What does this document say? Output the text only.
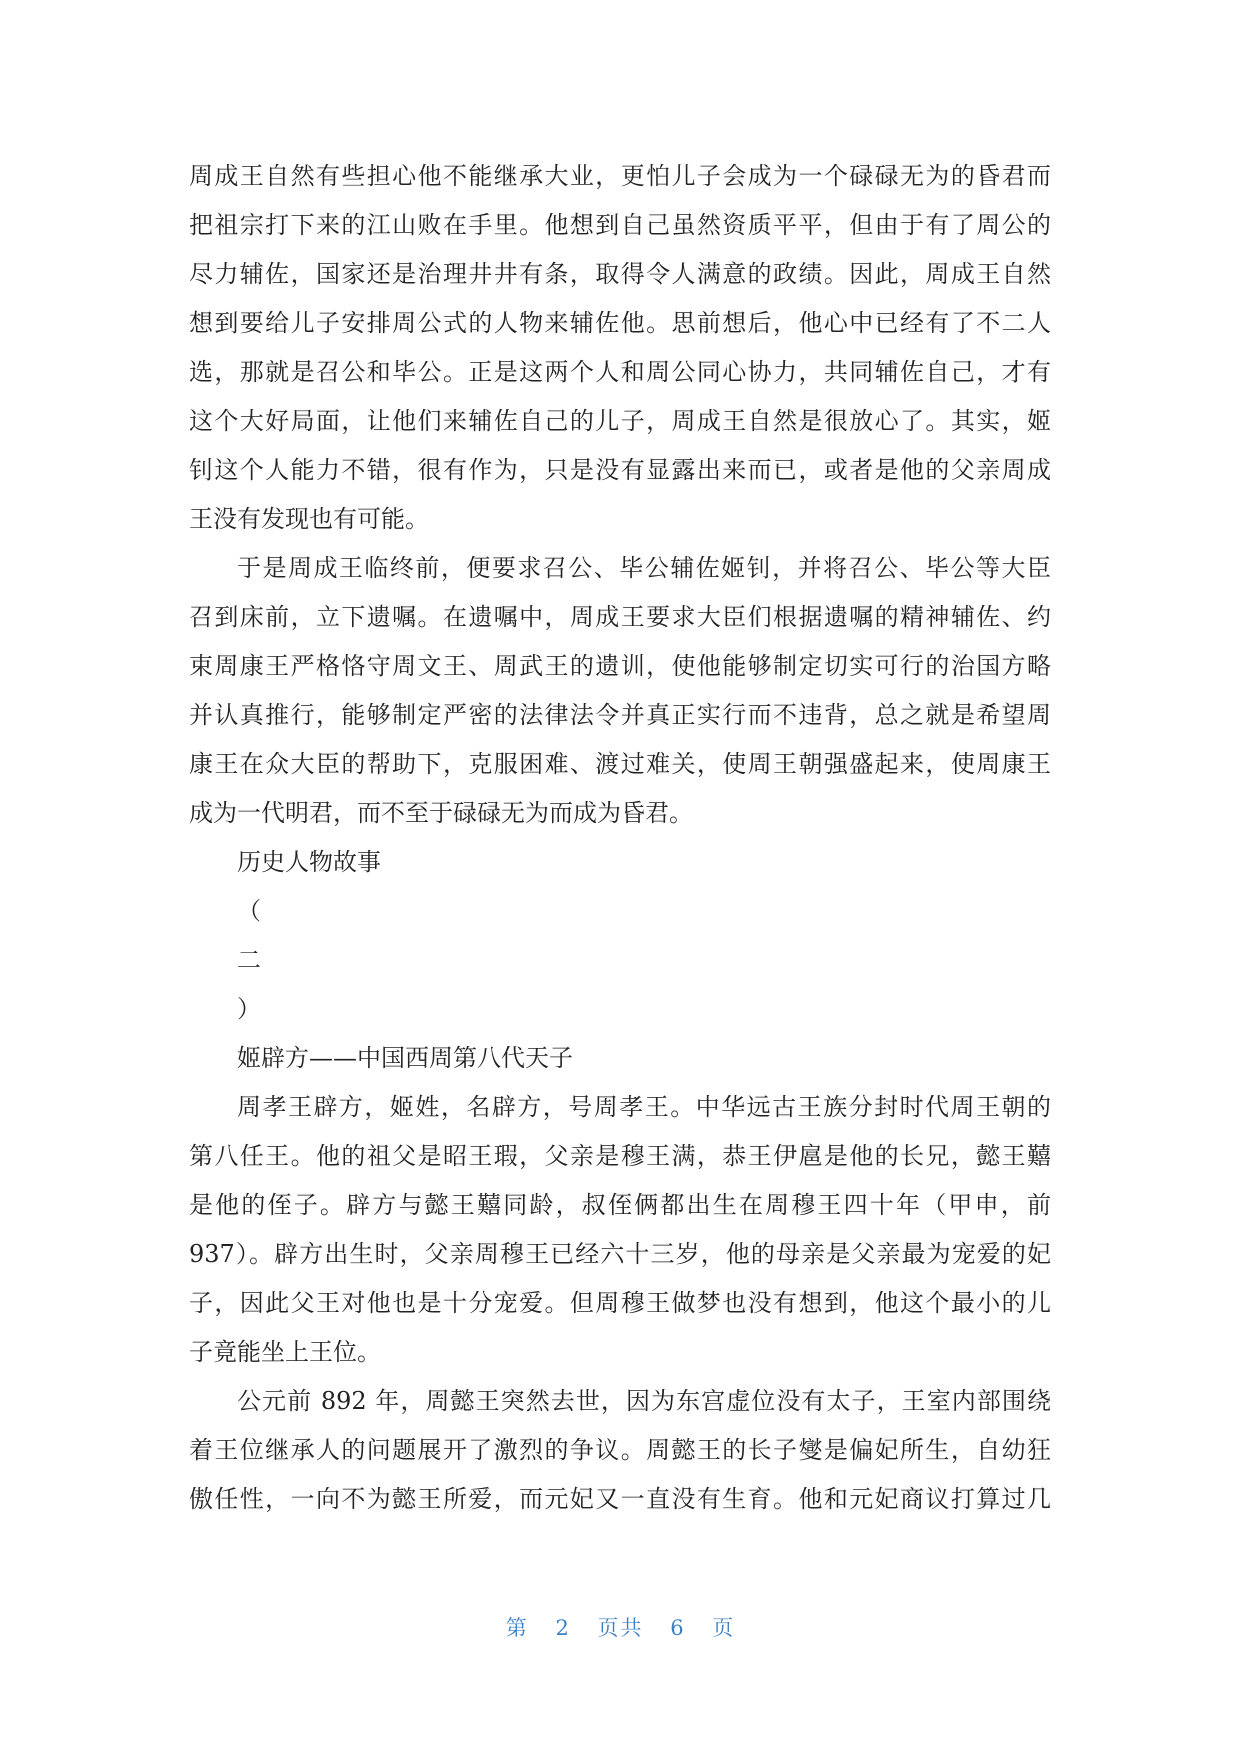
周成王自然有些担心他不能继承大业，更怕儿子会成为一个碌碌无为的昏君而
把祖宗打下来的江山败在手里。他想到自己虽然资质平平，但由于有了周公的
尽力辅佐，国家还是治理井井有条，取得令人满意的政绩。因此，周成王自然
想到要给儿子安排周公式的人物来辅佐他。思前想后，他心中已经有了不二人
选，那就是召公和毕公。正是这两个人和周公同心协力，共同辅佐自己，才有
这个大好局面，让他们来辅佐自己的儿子，周成王自然是很放心了。其实，姬
钊这个人能力不错，很有作为，只是没有显露出来而已，或者是他的父亲周成
王没有发现也有可能。
于是周成王临终前，便要求召公、毕公辅佐姬钊，并将召公、毕公等大臣
召到床前，立下遗嘱。在遗嘱中，周成王要求大臣们根据遗嘱的精神辅佐、约
束周康王严格恪守周文王、周武王的遗训，使他能够制定切实可行的治国方略
并认真推行，能够制定严密的法律法令并真正实行而不违背，总之就是希望周
康王在众大臣的帮助下，克服困难、渡过难关，使周王朝强盛起来，使周康王
成为一代明君，而不至于碌碌无为而成为昏君。
历史人物故事
（
二
）
姬辟方——中国西周第八代天子
周孝王辟方，姬姓，名辟方，号周孝王。中华远古王族分封时代周王朝的
第八任王。他的祖父是昭王瑕，父亲是穆王满，恭王伊扈是他的长兄，懿王囏
是他的侄子。辟方与懿王囏同龄，叔侄俩都出生在周穆王四十年（甲申，前
937）。辟方出生时，父亲周穆王已经六十三岁，他的母亲是父亲最为宠爱的妃
子，因此父王对他也是十分宠爱。但周穆王做梦也没有想到，他这个最小的儿
子竟能坐上王位。
公元前 892 年，周懿王突然去世，因为东宫虚位没有太子，王室内部围绕
着王位继承人的问题展开了激烈的争议。周懿王的长子燮是偏妃所生，自幼狂
傲任性，一向不为懿王所爱，而元妃又一直没有生育。他和元妃商议打算过几
第 2 页共 6 页
